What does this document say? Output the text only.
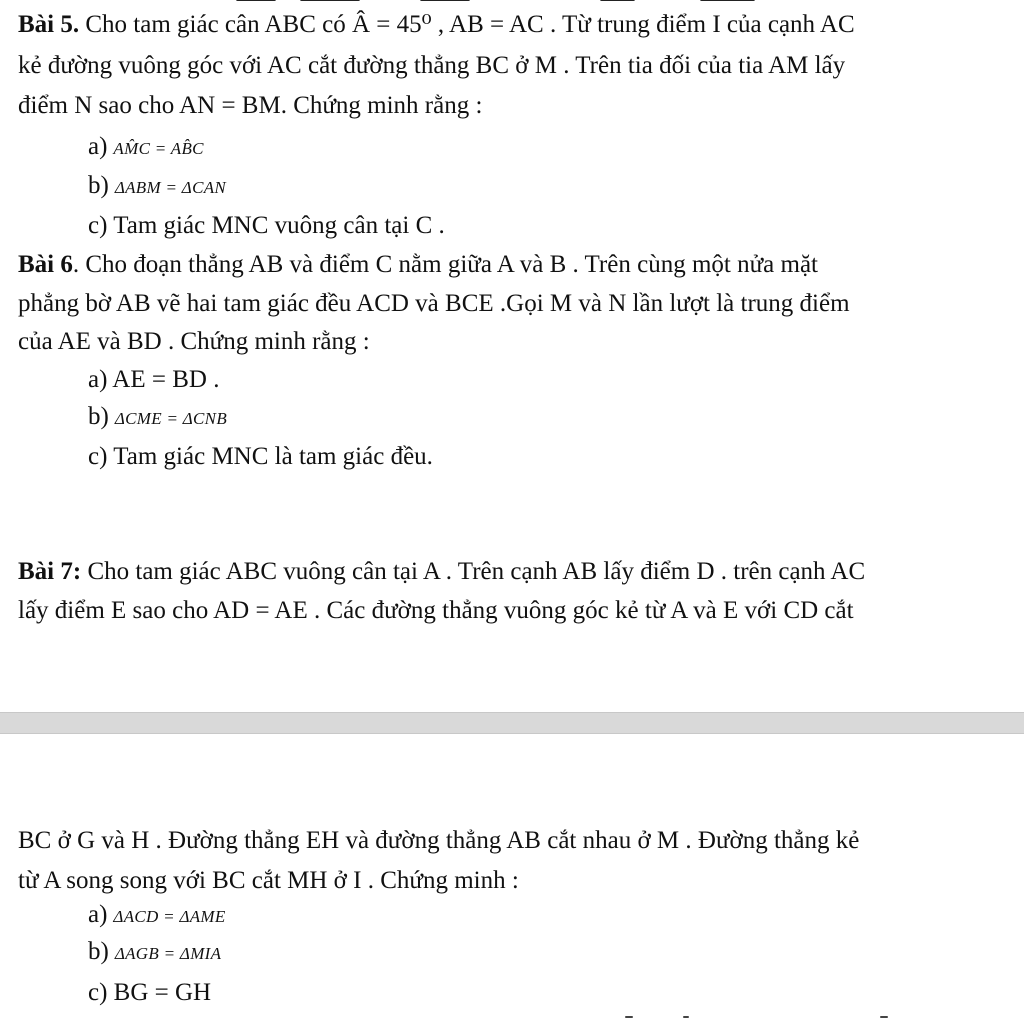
Bài 5. Cho tam giác cân ABC có Â = 45⁰ , AB = AC . Từ trung điểm I của cạnh AC
kẻ đường vuông góc với AC cắt đường thẳng BC ở M . Trên tia đối của tia AM lấy
điểm N sao cho AN = BM. Chứng minh rằng :
a) AM̂C = AB̂C
b) ΔABM = ΔCAN
c) Tam giác MNC vuông cân tại C .
Bài 6. Cho đoạn thẳng AB và điểm C nằm giữa A và B . Trên cùng một nửa mặt
phẳng bờ AB vẽ hai tam giác đều ACD và BCE .Gọi M và N lần lượt là trung điểm
của AE và BD . Chứng minh rằng :
a) AE = BD .
b) ΔCME = ΔCNB
c) Tam giác MNC là tam giác đều.
Bài 7: Cho tam giác ABC vuông cân tại A . Trên cạnh AB lấy điểm D . trên cạnh AC
lấy điểm E sao cho AD = AE . Các đường thẳng vuông góc kẻ từ A và E với CD cắt
BC ở G và H . Đường thẳng EH và đường thẳng AB cắt nhau ở M . Đường thẳng kẻ
từ A song song với BC cắt MH ở I . Chứng minh :
a) ΔACD = ΔAME
b) ΔAGB = ΔMIA
c) BG = GH
